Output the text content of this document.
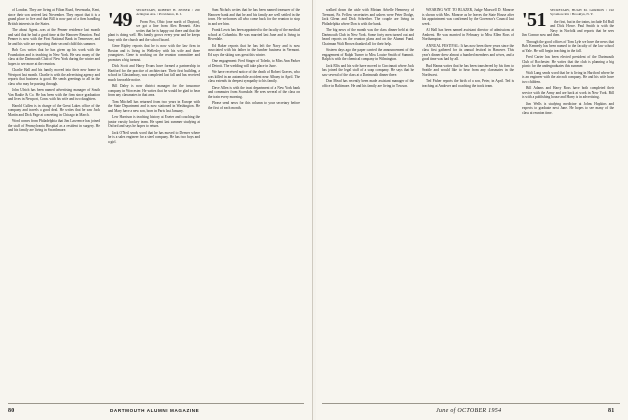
of London. They are living at Filton Road, Sevenoaks, Kent, since their son arrived last November. They report that it is a grand place to live and that Bill is now part of a firm handling British interests in the States.

The about Agent...was at the Penner residence last month and said that he had a good time at the Hanover Reunion. Paul Penner is now with the First National Bank in Tennessee, and he and his wife are expecting their second child this summer.

Bob Cox writes that he has given up his work with the Foundation and is teaching in New York. He saw many of the class at the Dartmouth Club of New York during the winter and hopes to see more at the reunion.

Charlie Hall and his family moved into their new home in Westport last month. Charlie is with the advertising agency and reports that business is good. He sends greetings to all in the class who may be passing through.

John Ulrich has been named advertising manager of South Van Raalte & Co. He has been with the firm since graduation and lives in Newport, Conn. with his wife and two daughters.

Harold Cullen is in charge of the Great Lakes office of the company and travels a good deal. He writes that he saw Jack Martin and Dick Page at a meeting in Chicago in March.

Word comes from Philadelphia that Jim Lawrence has joined the staff of Pennsylvania Hospital as a resident in surgery. He and his family are living in Swarthmore.

'49	SECRETARY, ROBERT H. ZEISER / 200 Arlington Ave. / Providence, R. I.

From Fox, Ohio (one north of Dayton), we got a line from Alex Bennett. Alex writes that he is happy out there and that the plant is doing well. His family grows every year and he keeps busy with the church and the school board.

Gene Ripley reports that he is now with the law firm in Boston and is living in Wellesley with his wife and three youngsters. Gene is working on the reunion committee and promises a big turnout.

Dick Scott and Harry Evans have formed a partnership in Hartford for the practice of architecture. Their first building, a school in Glastonbury, was completed last fall and has received much favorable notice.

Bill Daley is now district manager for the insurance company in Worcester. He writes that he would be glad to hear from any classmates in that area.

Tom Mitchell has returned from two years in Europe with the State Department and is now stationed in Washington. He and Mary have a new son, born in Paris last January.

Lew Harrison is teaching history at Exeter and coaching the junior varsity hockey team. He spent last summer studying at Oxford and says he hopes to return.

Jack O'Neil sends word that he has moved to Denver where he is a sales engineer for a steel company. He has two boys and a girl.

Sam Nichols writes that he has been named treasurer of the Hanover bank and that he and his family are well settled in the town. He welcomes all who come back for the reunion to stop in and see him.

Frank Lewis has been appointed to the faculty of the medical school at Columbia. He was married last June and is living in Riverdale.

Ed Baker reports that he has left the Navy and is now associated with his father in the lumber business in Vermont. Ed says the skiing was great this winter.

One engagement: Fred Singer of Toledo, to Miss Ann Parker of Detroit. The wedding will take place in June.

We have received notice of the death of Robert Graves, who was killed in an automobile accident near Albany in April. The class extends its deepest sympathy to his family.

Dave Allen is with the trust department of a New York bank and commutes from Scarsdale. He sees several of the class on the train every morning.

Please send news for this column to your secretary before the first of each month.

80	DARTMOUTH ALUMNI MAGAZINE

walked down the aisle with Miriam Arbelle Hennessy of Tremont, Pa. Fellow secretaries and ushers were Peter Dodge, Jack Glenn and Dick Schreiber. The couple are living in Philadelphia where Don is with the bank.

The big news of the month was the class dinner held at the Dartmouth Club in New York. Some forty men turned out and heard reports on the reunion plans and on the Alumni Fund. Chairman Walt Brown thanked all for their help.

Sixteen days ago the paper carried the announcement of the engagement of Ralph Turner to Miss Louise Smith of Summit. Ralph is with the chemical company in Wilmington.

Jack Ellis and his wife have moved to Cincinnati where Jack has joined the legal staff of a soap company. He says that he saw several of the class at a Dartmouth dinner there.

Don Mead has recently been made assistant manager of the office in Baltimore. He and his family are living in Towson.

WEARING WIT TO BLAZER, Judge Maxwell D. Monroe is shown with Mrs. Monroe as he leaves the State House after his appointment was confirmed by the Governor's Council last week.

Al Hall has been named assistant director of admissions at Amherst. He was married in February to Miss Ellen Ross of Northampton.

ANNUAL FESTIVAL: It has now been three years since the class first gathered for its annual festival in Hanover. This year's dinner drew almost a hundred members and wives, and a good time was had by all.

Bud Hanna writes that he has been transferred by his firm to Seattle and would like to hear from any classmates in the Northwest.

Ted Fisher reports the birth of a son, Peter, in April. Ted is teaching at Andover and coaching the track team.

'51	SECRETARY, HUGH M. GORDON / 192 Sycamore Rd. / Brooklyn, N. Y.

the first, but in the trains, include Ed Bull and Dick Howe. Paul Smith is with the Navy in Norfolk and reports that he sees Jim Connor now and then.

Through the good offices of Tom Lyle we have the news that Bob Kennedy has been named to the faculty of the law school at Yale. He will begin teaching in the fall.

Fred Carter has been elected president of the Dartmouth Club of Rochester. He writes that the club is planning a big picnic for the undergraduates this summer.

Walt Lang sends word that he is living in Hartford where he is an engineer with the aircraft company. He and his wife have two children.

Bill Adams and Harry Ross have both completed their service with the Army and are back at work in New York. Bill is with a publishing house and Harry is in advertising.

Jim Wells is studying medicine at Johns Hopkins and expects to graduate next June. He hopes to see many of the class at reunion time.

June of OCTOBER 1954	81
